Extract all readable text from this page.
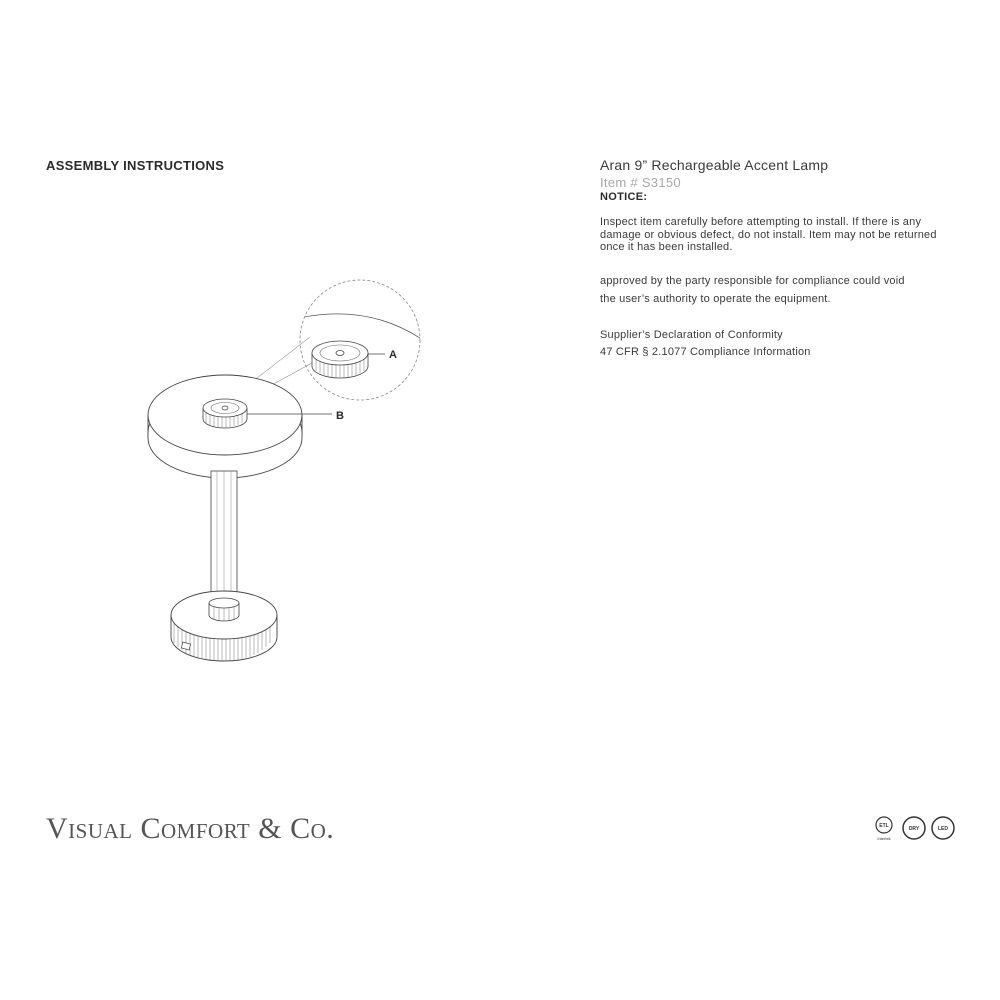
ASSEMBLY INSTRUCTIONS	Aran 9” Rechargeable Accent Lamp
Item # S3150
NOTICE:
Inspect item carefully before attempting to install. If there is any damage or obvious defect, do not install. Item may not be returned once it has been installed.
approved by the party responsible for compliance could void
the user’s authority to operate the equipment.
Supplier’s Declaration of Conformity
47 CFR § 2.1077 Compliance Information
A
B
Visual Comfort & Co.	ETL
Intertek
DRY	LED
